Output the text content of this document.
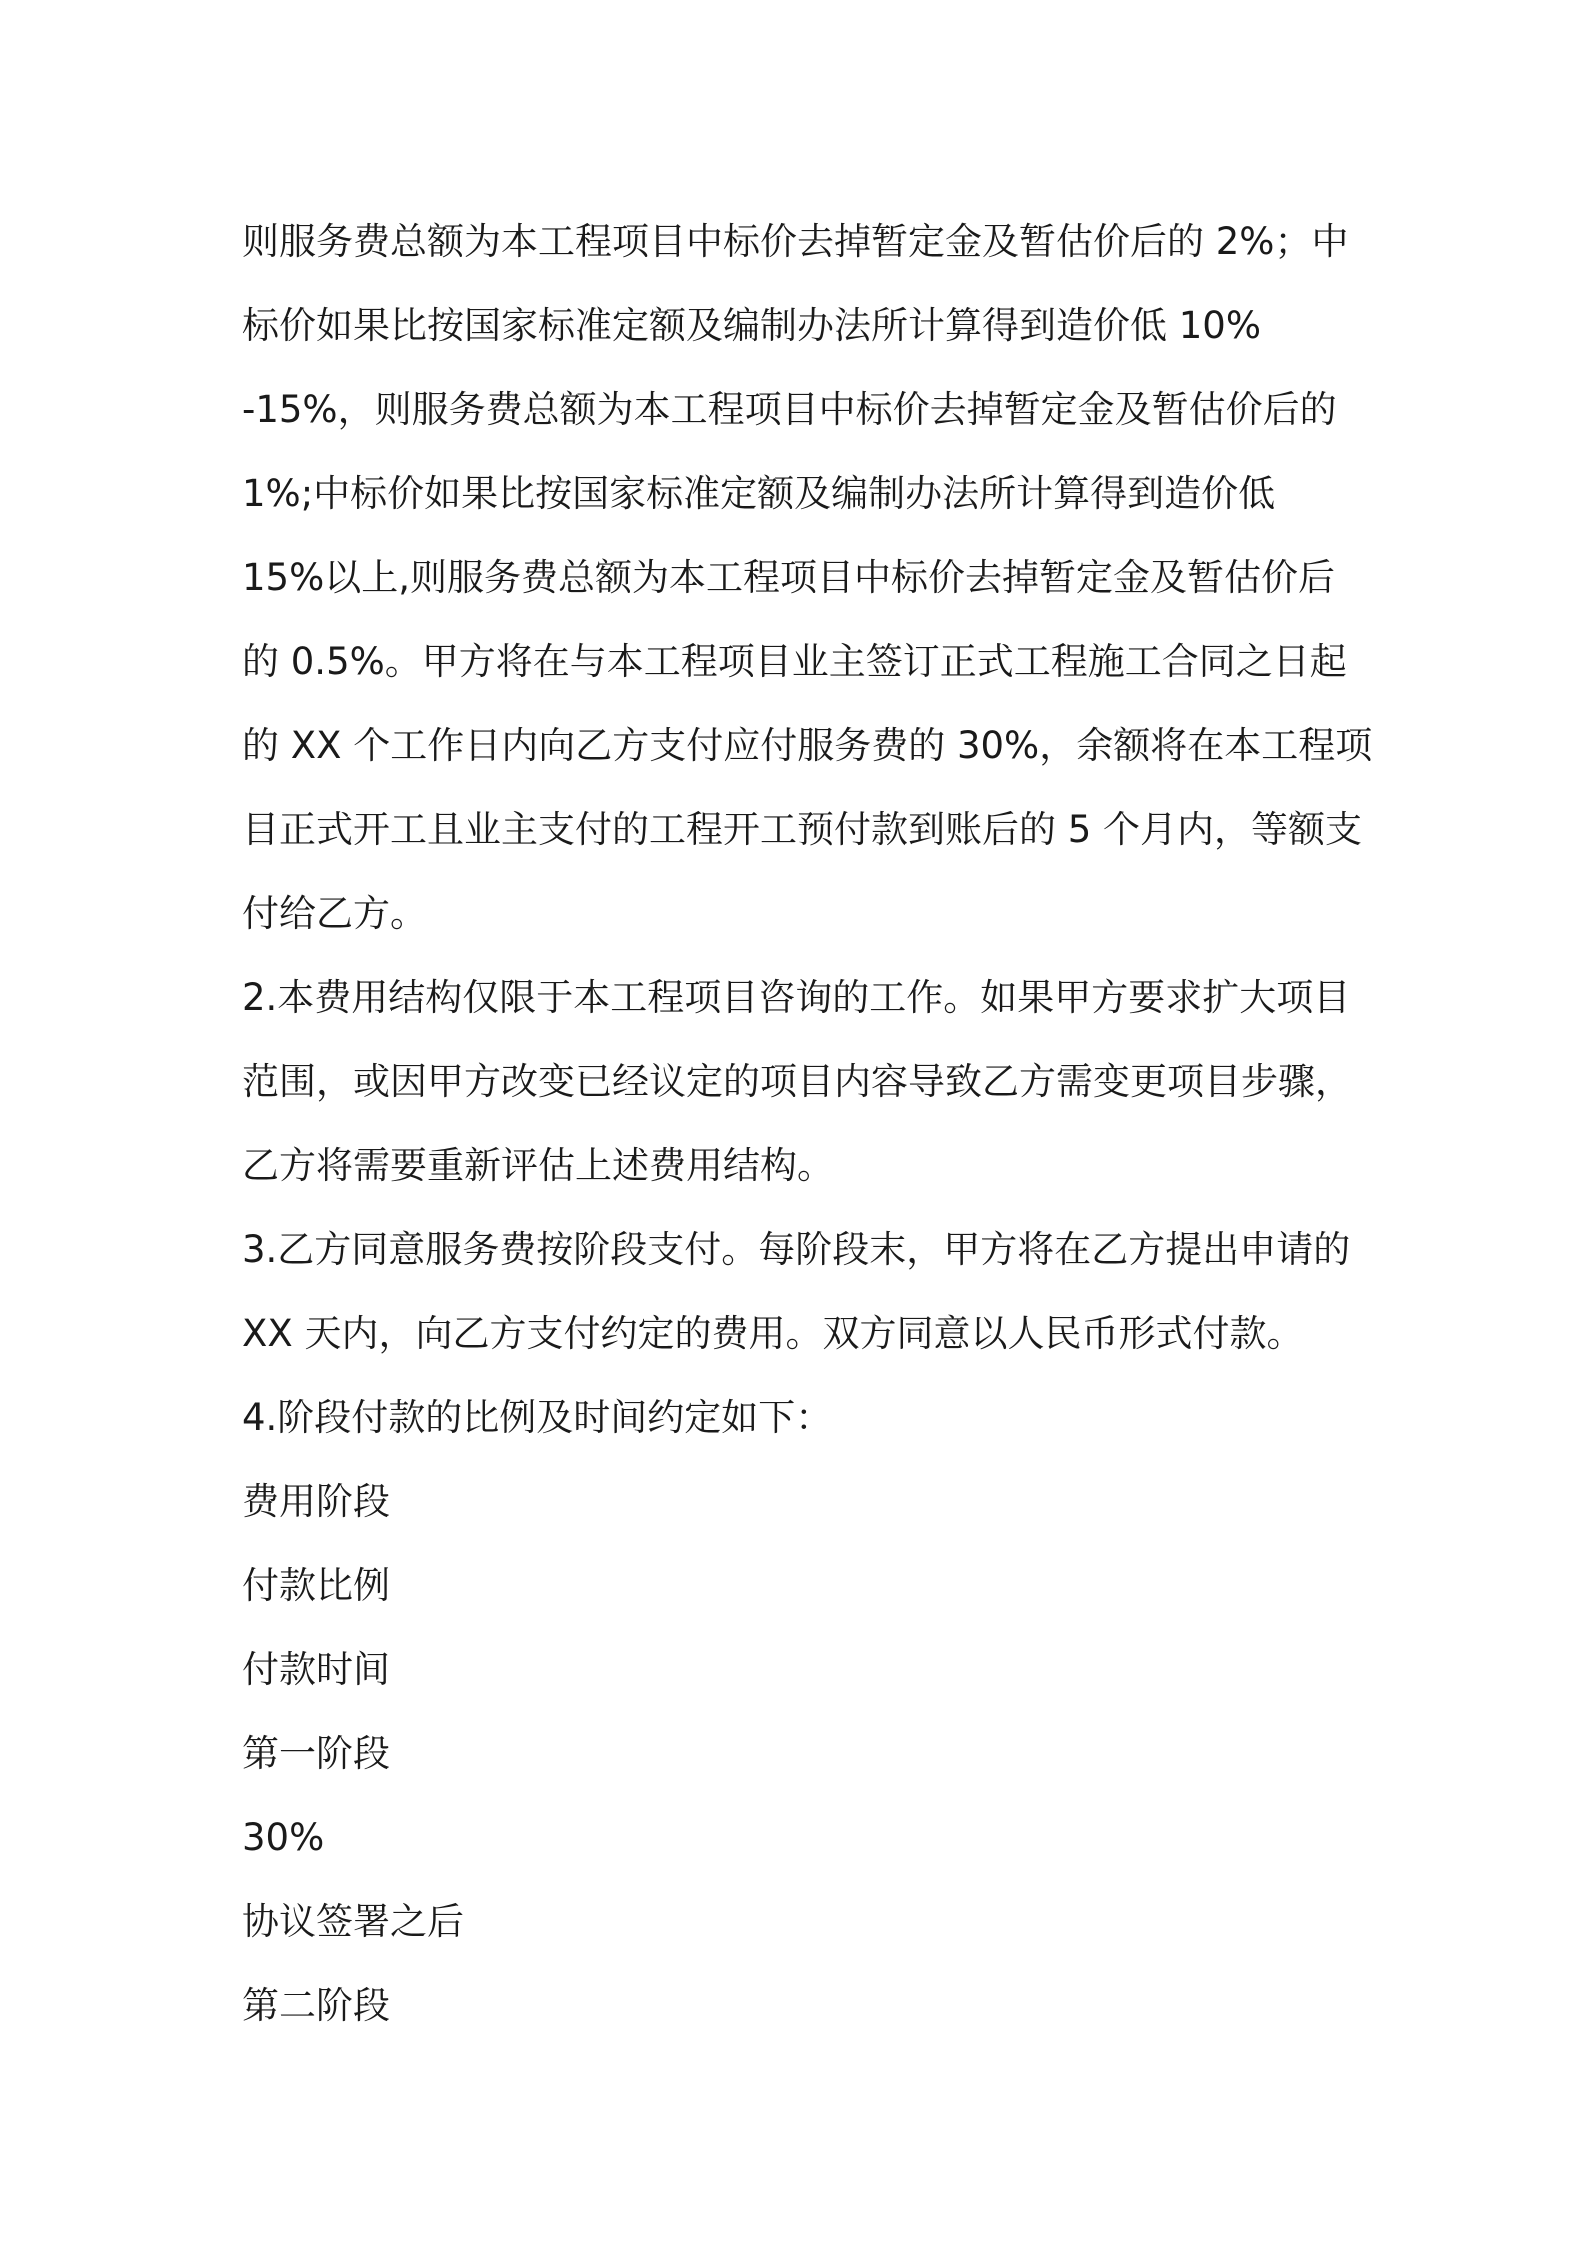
则服务费总额为本工程项目中标价去掉暂定金及暂估价后的 2%；中
标价如果比按国家标准定额及编制办法所计算得到造价低 10%
-15%，则服务费总额为本工程项目中标价去掉暂定金及暂估价后的
1%;中标价如果比按国家标准定额及编制办法所计算得到造价低
15%以上,则服务费总额为本工程项目中标价去掉暂定金及暂估价后
的 0.5%。甲方将在与本工程项目业主签订正式工程施工合同之日起
的 XX 个工作日内向乙方支付应付服务费的 30%，余额将在本工程项
目正式开工且业主支付的工程开工预付款到账后的 5 个月内，等额支
付给乙方。
2.本费用结构仅限于本工程项目咨询的工作。如果甲方要求扩大项目
范围，或因甲方改变已经议定的项目内容导致乙方需变更项目步骤，
乙方将需要重新评估上述费用结构。
3.乙方同意服务费按阶段支付。每阶段末，甲方将在乙方提出申请的
XX 天内，向乙方支付约定的费用。双方同意以人民币形式付款。
4.阶段付款的比例及时间约定如下：
费用阶段
付款比例
付款时间
第一阶段
30%
协议签署之后
第二阶段
